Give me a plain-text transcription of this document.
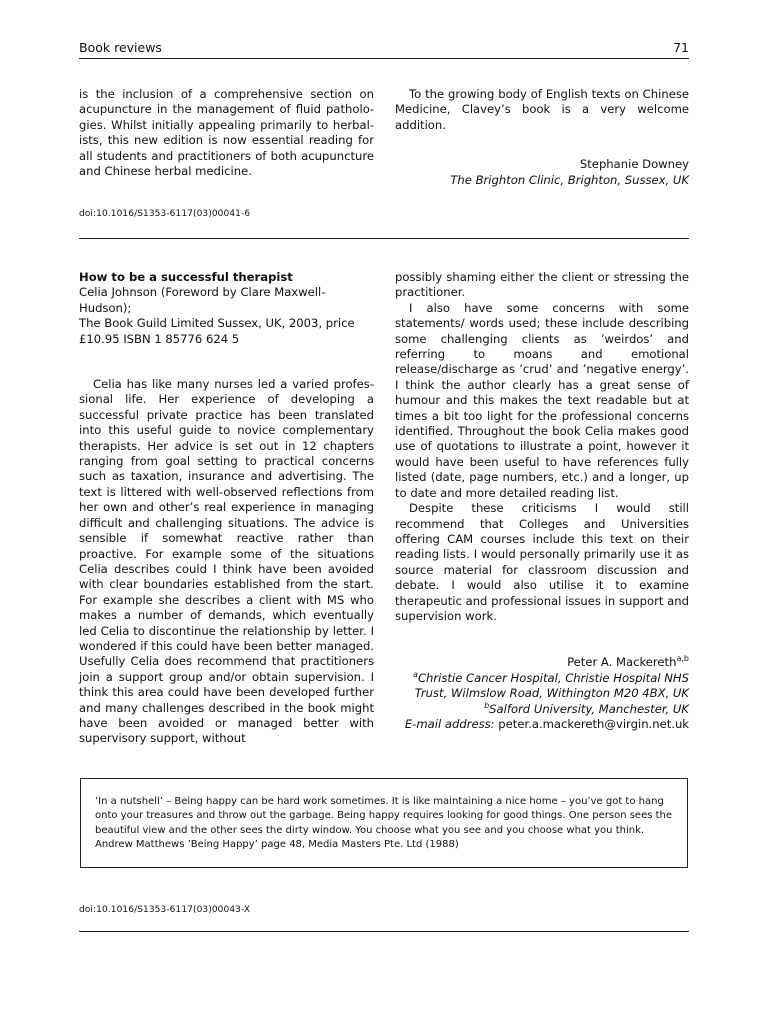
Book reviews	71

is the inclusion of a comprehensive section on acupuncture in the management of fluid pathologies. Whilst initially appealing primarily to herbalists, this new edition is now essential reading for all students and practitioners of both acupuncture and Chinese herbal medicine.

To the growing body of English texts on Chinese Medicine, Clavey’s book is a very welcome addition.

Stephanie Downey

The Brighton Clinic, Brighton, Sussex, UK

doi:10.1016/S1353-6117(03)00041-6

How to be a successful therapist

Celia Johnson (Foreword by Clare Maxwell-Hudson);

The Book Guild Limited Sussex, UK, 2003, price

£10.95 ISBN 1 85776 624 5

Celia has like many nurses led a varied professional life. Her experience of developing a successful private practice has been translated into this useful guide to novice complementary therapists. Her advice is set out in 12 chapters ranging from goal setting to practical concerns such as taxation, insurance and advertising. The text is littered with well-observed reflections from her own and other’s real experience in managing difficult and challenging situations. The advice is sensible if somewhat reactive rather than proactive. For example some of the situations Celia describes could I think have been avoided with clear boundaries established from the start. For example she describes a client with MS who makes a number of demands, which eventually led Celia to discontinue the relationship by letter. I wondered if this could have been better managed. Usefully Celia does recommend that practitioners join a support group and/or obtain supervision. I think this area could have been developed further and many challenges described in the book might have been avoided or managed better with supervisory support, without

possibly shaming either the client or stressing the practitioner.

I also have some concerns with some statements/ words used; these include describing some challenging clients as ’weirdos’ and referring to moans and emotional release/discharge as ’crud’ and ’negative energy’. I think the author clearly has a great sense of humour and this makes the text readable but at times a bit too light for the professional concerns identified. Throughout the book Celia makes good use of quotations to illustrate a point, however it would have been useful to have references fully listed (date, page numbers, etc.) and a longer, up to date and more detailed reading list.

Despite these criticisms I would still recommend that Colleges and Universities offering CAM courses include this text on their reading lists. I would personally primarily use it as source material for classroom discussion and debate. I would also utilise it to examine therapeutic and professional issues in support and supervision work.

Peter A. Mackereth$^{a,b}$

$^a$Christie Cancer Hospital, Christie Hospital NHS

Trust, Wilmslow Road, Withington M20 4BX, UK

$^b$Salford University, Manchester, UK

E-mail address: peter.a.mackereth@virgin.net.uk

’In a nutshell’ – Being happy can be hard work sometimes. It is like maintaining a nice home – you’ve got to hang onto your treasures and throw out the garbage. Being happy requires looking for good things. One person sees the beautiful view and the other sees the dirty window. You choose what you see and you choose what you think.

Andrew Matthews ’Being Happy’ page 48, Media Masters Pte. Ltd (1988)

doi:10.1016/S1353-6117(03)00043-X
